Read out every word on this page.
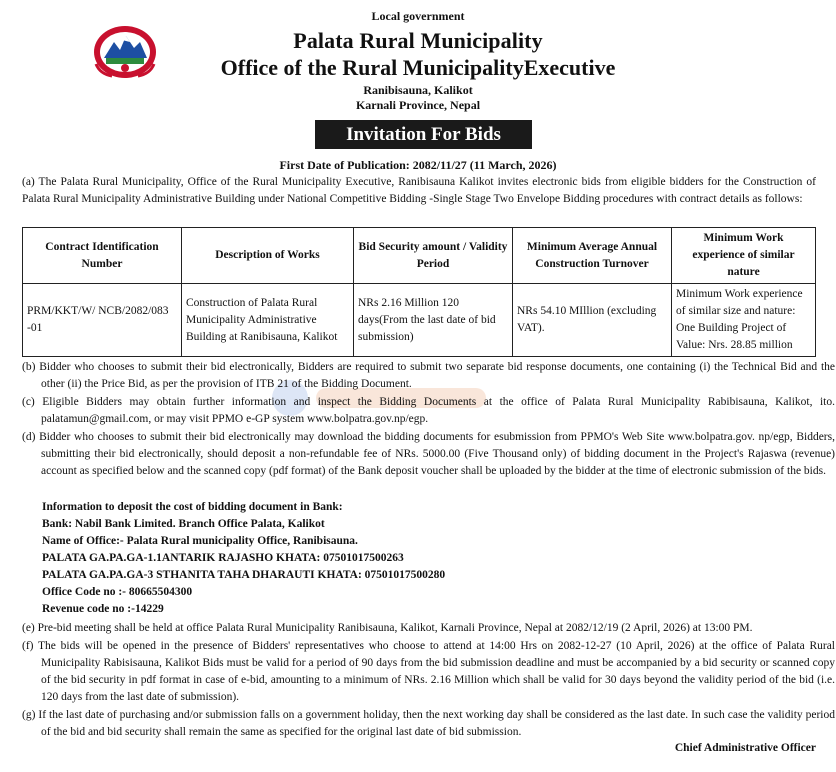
Local government
Palata Rural Municipality
Office of the Rural MunicipalityExecutive
Ranibisauna, Kalikot
Karnali Province, Nepal
Invitation For Bids
First Date of Publication: 2082/11/27 (11 March, 2026)
(a) The Palata Rural Municipality, Office of the Rural Municipality Executive, Ranibisauna Kalikot invites electronic bids from eligible bidders for the Construction of Palata Rural Municipality Administrative Building under National Competitive Bidding -Single Stage Two Envelope Bidding procedures with contract details as follows:
Contract Identification Number	Description of Works	Bid Security amount / Validity Period	Minimum Average Annual Construction Turnover	Minimum Work experience of similar nature
PRM/KKT/W/ NCB/2082/083 -01	Construction of Palata Rural Municipality Administrative Building at Ranibisauna, Kalikot	NRs 2.16 Million 120 days(From the last date of bid submission)	NRs 54.10 MIllion (excluding VAT).	Minimum Work experience of similar size and nature: One Building Project of Value: Nrs. 28.85 million
(b) Bidder who chooses to submit their bid electronically, Bidders are required to submit two separate bid response documents, one containing (i) the Technical Bid and the other (ii) the Price Bid, as per the provision of ITB 21 of the Bidding Document.
(c) Eligible Bidders may obtain further information and inspect the Bidding Documents at the office of Palata Rural Municipality Rabibisauna, Kalikot, ito. palatamun@gmail.com, or may visit PPMO e-GP system www.bolpatra.gov.np/egp.
(d) Bidder who chooses to submit their bid electronically may download the bidding documents for esubmission from PPMO's Web Site www.bolpatra.gov. np/egp, Bidders, submitting their bid electronically, should deposit a non-refundable fee of NRs. 5000.00 (Five Thousand only) of bidding document in the Project's Rajaswa (revenue) account as specified below and the scanned copy (pdf format) of the Bank deposit voucher shall be uploaded by the bidder at the time of electronic submission of the bids.
Information to deposit the cost of bidding document in Bank:
Bank: Nabil Bank Limited. Branch Office Palata, Kalikot
Name of Office:- Palata Rural municipality Office, Ranibisauna.
PALATA GA.PA.GA-1.1ANTARIK RAJASHO KHATA: 07501017500263
PALATA GA.PA.GA-3 STHANITA TAHA DHARAUTI KHATA: 07501017500280
Office Code no :- 80665504300
Revenue code no :-14229
(e) Pre-bid meeting shall be held at office Palata Rural Municipality Ranibisauna, Kalikot, Karnali Province, Nepal at 2082/12/19 (2 April, 2026) at 13:00 PM.
(f) The bids will be opened in the presence of Bidders' representatives who choose to attend at 14:00 Hrs on 2082-12-27 (10 April, 2026) at the office of Palata Rural Municipality Rabisisauna, Kalikot Bids must be valid for a period of 90 days from the bid submission deadline and must be accompanied by a bid security or scanned copy of the bid security in pdf format in case of e-bid, amounting to a minimum of NRs. 2.16 Million which shall be valid for 30 days beyond the validity period of the bid (i.e. 120 days from the last date of submission).
(g) If the last date of purchasing and/or submission falls on a government holiday, then the next working day shall be considered as the last date. In such case the validity period of the bid and bid security shall remain the same as specified for the original last date of bid submission.
Chief Administrative Officer
